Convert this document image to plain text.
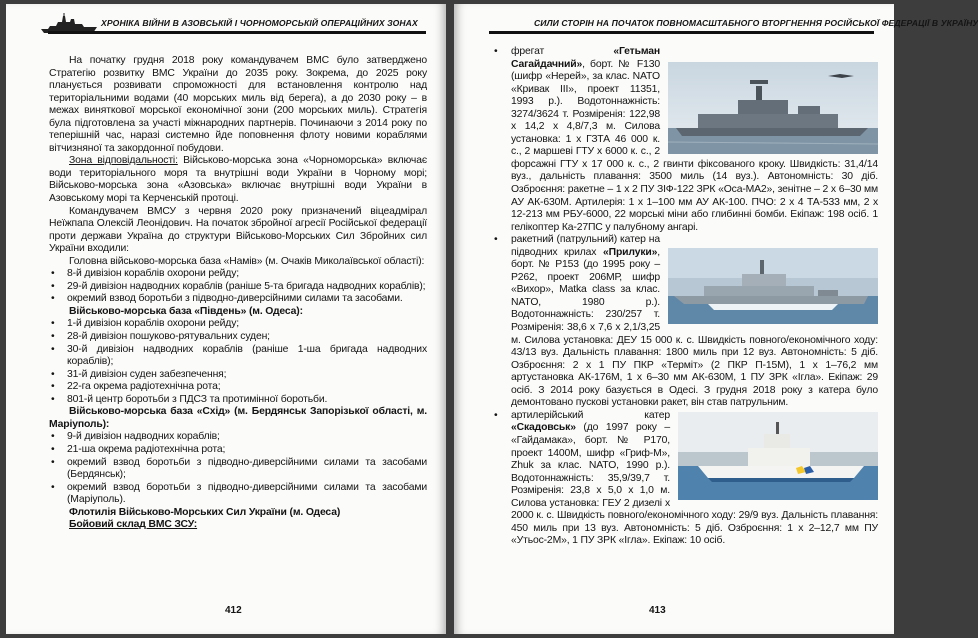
ХРОНІКА ВІЙНИ В АЗОВСЬКІЙ І ЧОРНОМОРСЬКІЙ ОПЕРАЦІЙНИХ ЗОНАХ

На початку грудня 2018 року командувачем ВМС було затверджено Стратегію розвитку ВМС України до 2035 року. Зокрема, до 2025 року планується розвивати спроможності для встановлення контролю над територіальними водами (40 морських миль від берега), а до 2030 року – в межах виняткової морської економічної зони (200 морських миль). Стратегія була підготовлена за участі міжнародних партнерів. Починаючи з 2014 року по теперішній час, наразі системно йде поповнення флоту новими кораблями вітчизняної та закордонної побудови.

Зона відповідальності: Військово-морська зона «Чорноморська» включає води територіального моря та внутрішні води України в Чорному морі; Військово-морська зона «Азовська» включає внутрішні води України в Азовському морі та Керченській протоці.

Командувачем ВМСУ з червня 2020 року призначений віцеадмірал Неїжпапа Олексій Леонідович. На початок збройної агресії Російської федерації проти держави Україна до структури Військово-Морських Сил Збройних сил України входили:

Головна військово-морська база «Намів» (м. Очаків Миколаївської області):

• 8-й дивізіон кораблів охорони рейду;
• 29-й дивізіон надводних кораблів (раніше 5-та бригада надводних кораблів);
• окремий взвод боротьби з підводно-диверсійними силами та засобами.

Військово-морська база «Південь» (м. Одеса):

• 1-й дивізіон кораблів охорони рейду;
• 28-й дивізіон пошуково-рятувальних суден;
• 30-й дивізіон надводних кораблів (раніше 1-ша бригада надводних кораблів);
• 31-й дивізіон суден забезпечення;
• 22-га окрема радіотехнічна рота;
• 801-й центр боротьби з ПДСЗ та протимінної боротьби.

Військово-морська база «Схід» (м. Бердянськ Запорізької області, м. Маріуполь):

• 9-й дивізіон надводних кораблів;
• 21-ша окрема радіотехнічна рота;
• окремий взвод боротьби з підводно-диверсійними силами та засобами (Бердянськ);
• окремий взвод боротьби з підводно-диверсійними силами та засобами (Маріуполь).

Флотилія Військово-Морських Сил України (м. Одеса)

Бойовий склад ВМС ЗСУ:

412
СИЛИ СТОРІН НА ПОЧАТОК ПОВНОМАСШТАБНОГО ВТОРГНЕННЯ РОСІЙСЬКОЇ ФЕДЕРАЦІЇ В УКРАЇНУ
• фрегат «Гетьман Сагайдачний», борт. № F130 (шифр «Нерей», за клас. NATO «Кривак III», проект 11351, 1993 р.). Водотоннажність: 3274/3624 т. Розміренія: 122,98 х 14,2 х 4,8/7,3 м. Силова установка: 1 х ГЗТА 46 000 к. с., 2 маршеві ГТУ х 6000 к. с., 2 форсажні ГТУ х 17 000 к. с., 2 гвинти фіксованого кроку. Швидкість: 31,4/14 вуз., дальність плавання: 3500 миль (14 вуз.). Автономність: 30 діб. Озброєння: ракетне – 1 х 2 ПУ ЗІФ-122 ЗРК «Оса-МА2», зенітне – 2 х 6–30 мм АУ АК-630М. Артилерія: 1 х 1–100 мм АУ АК-100. ПЧО: 2 х 4 ТА-533 мм, 2 х 12-213 мм РБУ-6000, 22 морські міни або глибинні бомби. Екіпаж: 198 осіб. 1 гелікоптер Ка-27ПС у палубному ангарі.
• ракетний (патрульний) катер на підводних крилах «Прилуки», борт. № P153 (до 1995 року – P262, проект 206МР, шифр «Вихор», Matka class за клас. NATO, 1980 р.). Водотоннажність: 230/257 т. Розміренія: 38,6 х 7,6 х 2,1/3,25 м. Силова установка: ДЕУ 15 000 к. с. Швидкість повного/економічного ходу: 43/13 вуз. Дальність плавання: 1800 миль при 12 вуз. Автономність: 5 діб. Озброєння: 2 х 1 ПУ ПКР «Терміт» (2 ПКР П-15М), 1 х 1–76,2 мм артустановка АК-176М, 1 х 6–30 мм АК-630М, 1 ПУ ЗРК «Ігла». Екіпаж: 29 осіб. З 2014 року базується в Одесі. З грудня 2018 року з катера було демонтовано пускові установки ракет, він став патрульним.
• артилерійський катер «Скадовськ» (до 1997 року – «Гайдамака», борт. № P170, проект 1400М, шифр «Гриф-М», Zhuk за клас. NATO, 1990 р.). Водотоннажність: 35,9/39,7 т. Розміренія: 23,8 х 5,0 х 1,0 м. Силова установка: ГЕУ 2 дизелі х 2000 к. с. Швидкість повного/економічного ходу: 29/9 вуз. Дальність плавання: 450 миль при 13 вуз. Автономність: 5 діб. Озброєння: 1 х 2–12,7 мм ПУ «Утьос-2М», 1 ПУ ЗРК «Ігла». Екіпаж: 10 осіб.
413
